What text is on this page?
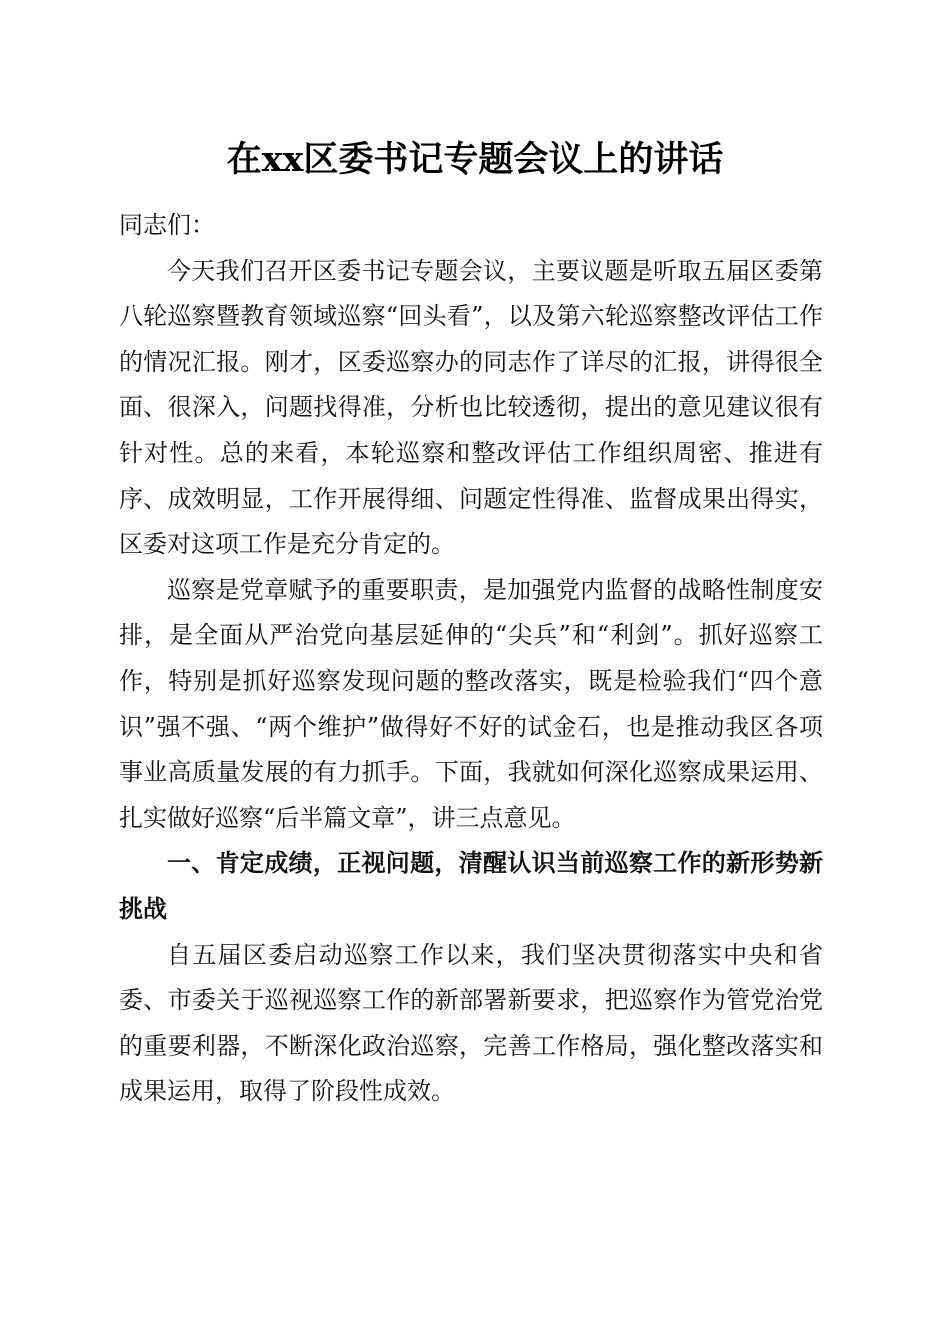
在xx区委书记专题会议上的讲话

同志们：

今天我们召开区委书记专题会议，主要议题是听取五届区委第八轮巡察暨教育领域巡察“回头看”，以及第六轮巡察整改评估工作的情况汇报。刚才，区委巡察办的同志作了详尽的汇报，讲得很全面、很深入，问题找得准，分析也比较透彻，提出的意见建议很有针对性。总的来看，本轮巡察和整改评估工作组织周密、推进有序、成效明显，工作开展得细、问题定性得准、监督成果出得实，区委对这项工作是充分肯定的。

巡察是党章赋予的重要职责，是加强党内监督的战略性制度安排，是全面从严治党向基层延伸的“尖兵”和“利剑”。抓好巡察工作，特别是抓好巡察发现问题的整改落实，既是检验我们“四个意识”强不强、“两个维护”做得好不好的试金石，也是推动我区各项事业高质量发展的有力抓手。下面，我就如何深化巡察成果运用、扎实做好巡察“后半篇文章”，讲三点意见。

一、肯定成绩，正视问题，清醒认识当前巡察工作的新形势新挑战

自五届区委启动巡察工作以来，我们坚决贯彻落实中央和省委、市委关于巡视巡察工作的新部署新要求，把巡察作为管党治党的重要利器，不断深化政治巡察，完善工作格局，强化整改落实和成果运用，取得了阶段性成效。
